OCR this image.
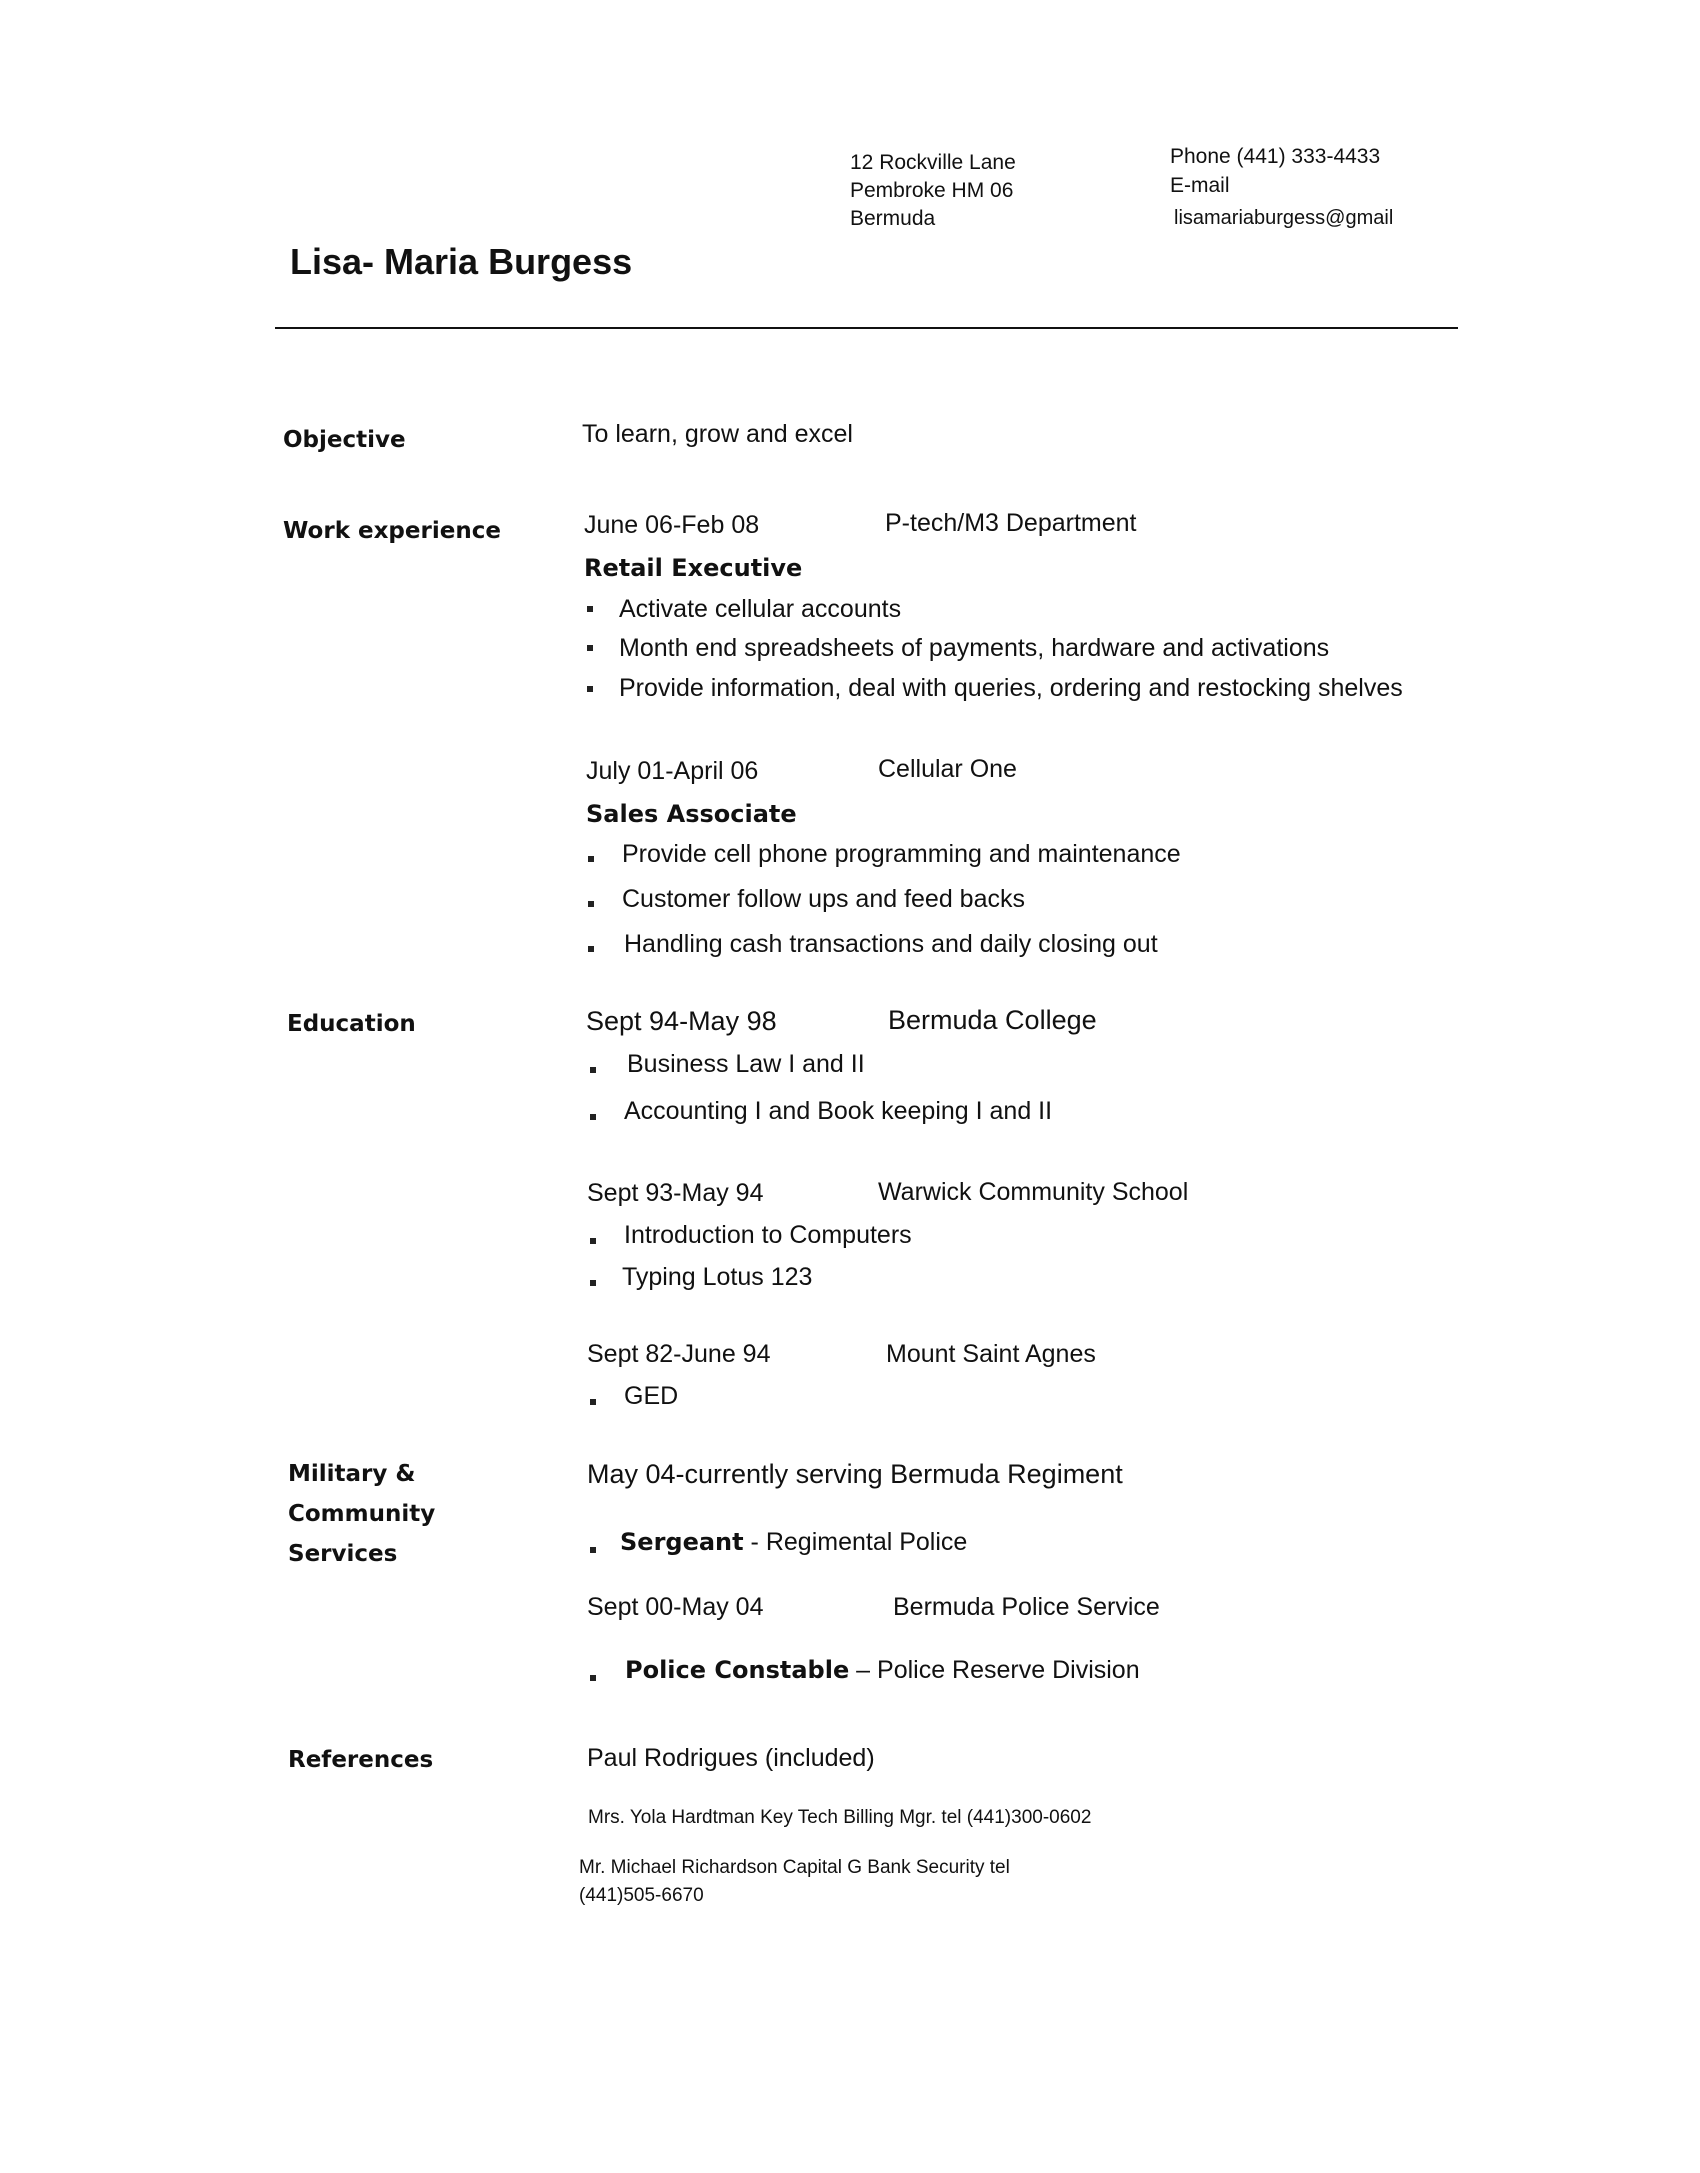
12 Rockville Lane
Pembroke HM 06
Bermuda
Phone (441) 333-4433
E-mail
lisamariaburgess@gmail
Lisa- Maria Burgess
Objective	To learn, grow and excel
Work experience	June 06-Feb 08	P-tech/M3 Department
Retail Executive
Activate cellular accounts
Month end spreadsheets of payments, hardware and activations
Provide information, deal with queries, ordering and restocking shelves
July 01-April 06	Cellular One
Sales Associate
Provide cell phone programming and maintenance
Customer follow ups and feed backs
Handling cash transactions and daily closing out
Education	Sept 94-May 98	Bermuda College
Business Law I and II
Accounting I and Book keeping I and II
Sept 93-May 94	Warwick Community School
Introduction to Computers
Typing Lotus 123
Sept 82-June 94	Mount Saint Agnes
GED
Military &
Community
Services
May 04-currently serving Bermuda Regiment
Sergeant - Regimental Police
Sept 00-May 04	Bermuda Police Service
Police Constable – Police Reserve Division
References	Paul Rodrigues (included)
Mrs. Yola Hardtman Key Tech Billing Mgr. tel (441)300-0602
Mr. Michael Richardson Capital G Bank Security tel
(441)505-6670
